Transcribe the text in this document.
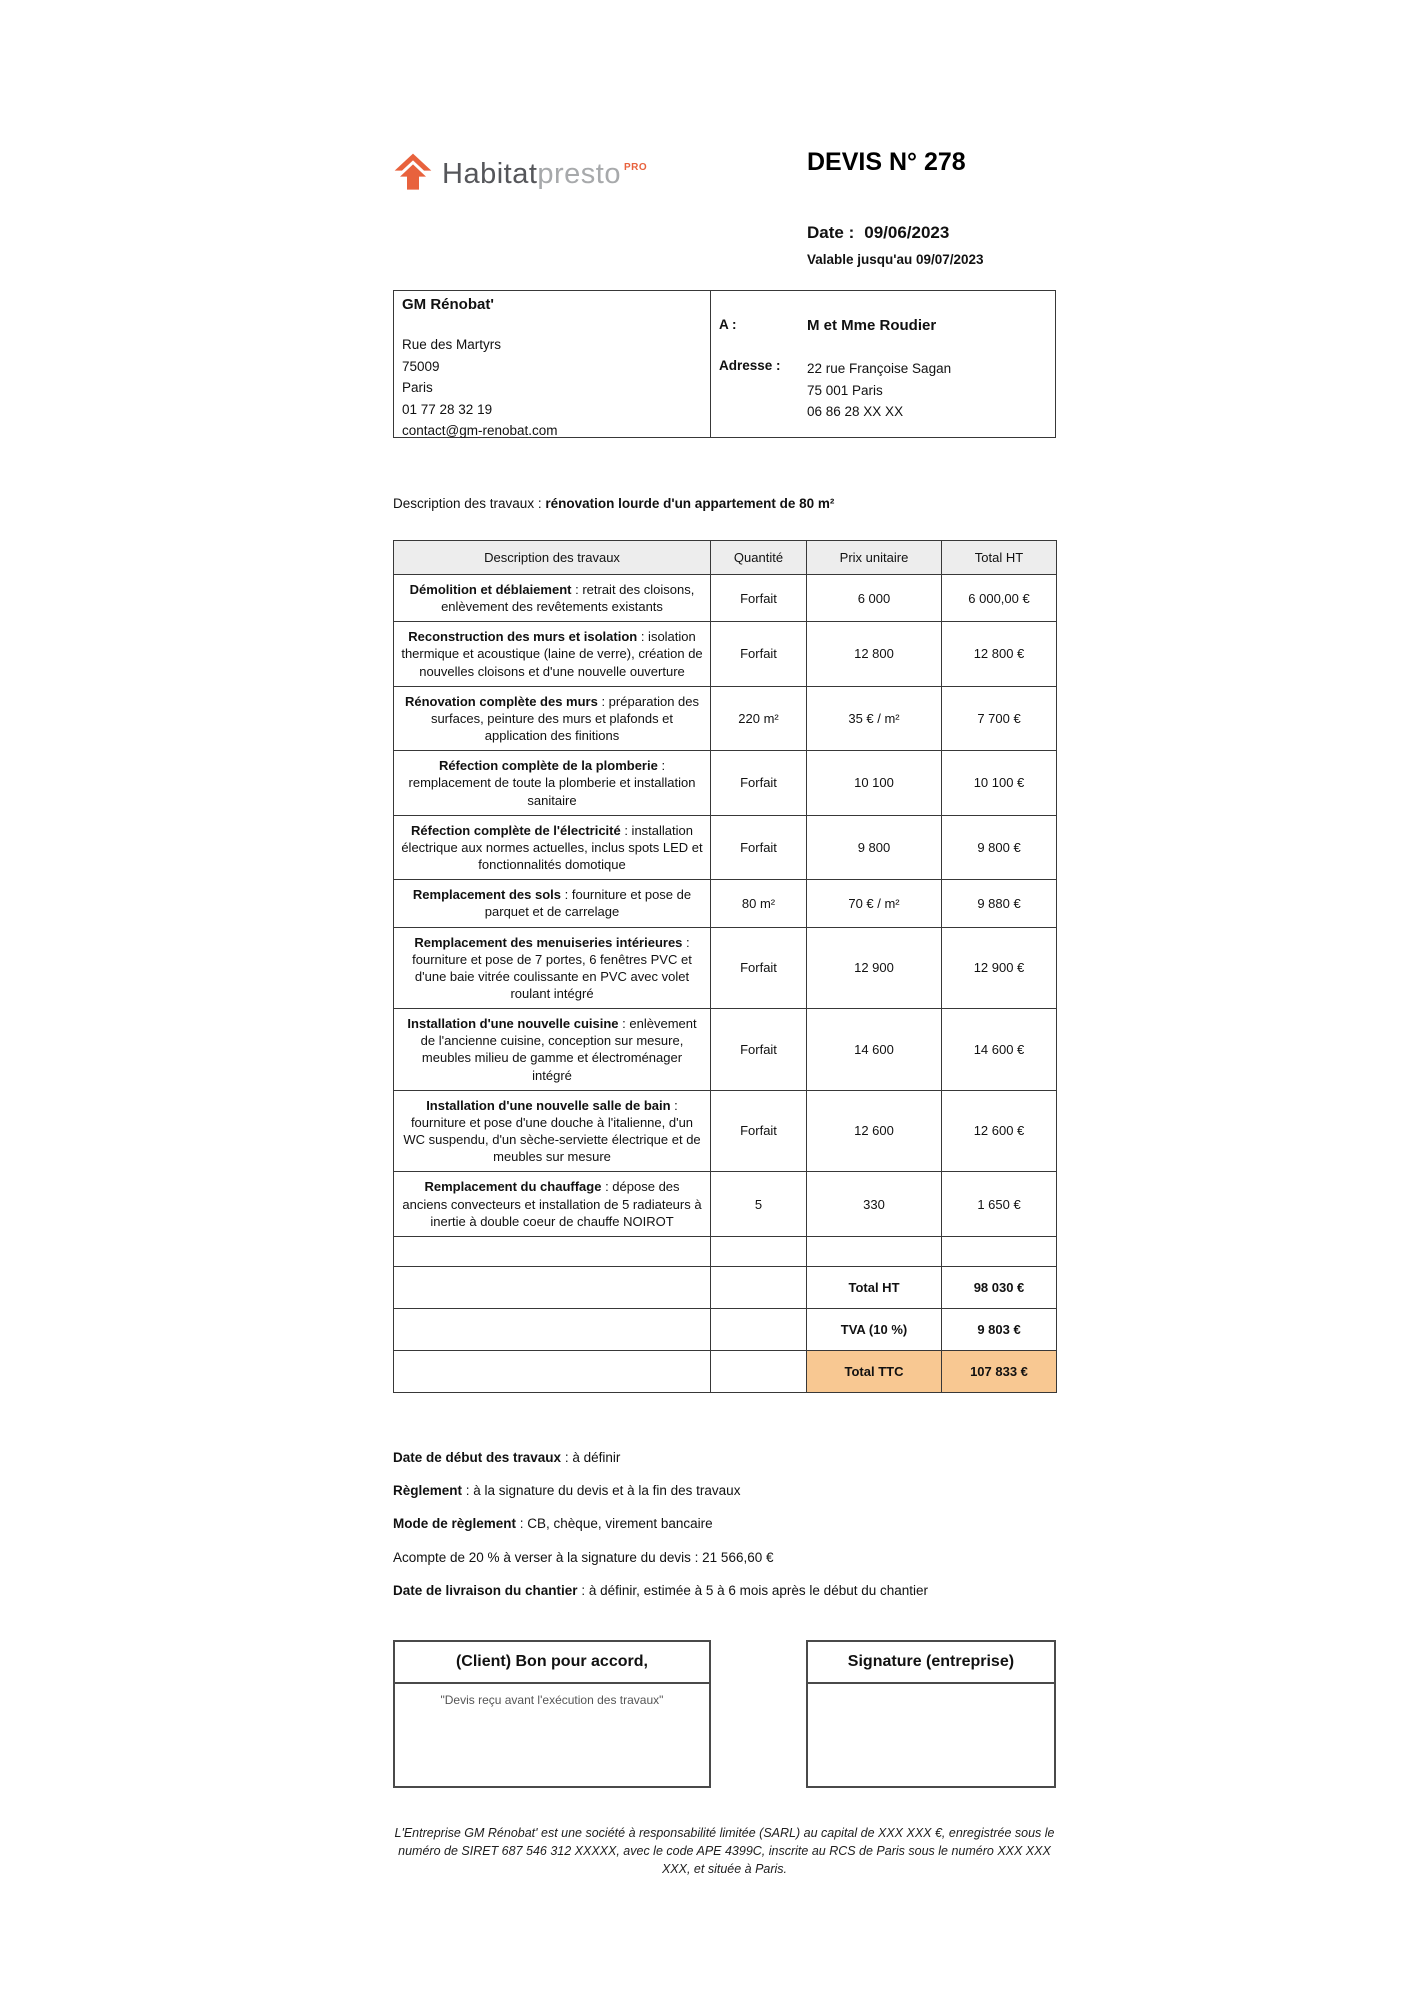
Habitatpresto PRO	DEVIS N° 278
Date : 09/06/2023
Valable jusqu'au 09/07/2023
GM Rénobat'
Rue des Martyrs
75009
Paris
01 77 28 32 19
contact@gm-renobat.com
A :	M et Mme Roudier
Adresse :	22 rue Françoise Sagan
75 001 Paris
06 86 28 XX XX
Description des travaux : rénovation lourde d'un appartement de 80 m²
Description des travaux	Quantité	Prix unitaire	Total HT
Démolition et déblaiement : retrait des cloisons, enlèvement des revêtements existants	Forfait	6 000	6 000,00 €
Reconstruction des murs et isolation : isolation thermique et acoustique (laine de verre), création de nouvelles cloisons et d'une nouvelle ouverture	Forfait	12 800	12 800 €
Rénovation complète des murs : préparation des surfaces, peinture des murs et plafonds et application des finitions	220 m²	35 € / m²	7 700 €
Réfection complète de la plomberie : remplacement de toute la plomberie et installation sanitaire	Forfait	10 100	10 100 €
Réfection complète de l'électricité : installation électrique aux normes actuelles, inclus spots LED et fonctionnalités domotique	Forfait	9 800	9 800 €
Remplacement des sols : fourniture et pose de parquet et de carrelage	80 m²	70 € / m²	9 880 €
Remplacement des menuiseries intérieures : fourniture et pose de 7 portes, 6 fenêtres PVC et d'une baie vitrée coulissante en PVC avec volet roulant intégré	Forfait	12 900	12 900 €
Installation d'une nouvelle cuisine : enlèvement de l'ancienne cuisine, conception sur mesure, meubles milieu de gamme et électroménager intégré	Forfait	14 600	14 600 €
Installation d'une nouvelle salle de bain : fourniture et pose d'une douche à l'italienne, d'un WC suspendu, d'un sèche-serviette électrique et de meubles sur mesure	Forfait	12 600	12 600 €
Remplacement du chauffage : dépose des anciens convecteurs et installation de 5 radiateurs à inertie à double coeur de chauffe NOIROT	5	330	1 650 €

		Total HT	98 030 €
		TVA (10 %)	9 803 €
		Total TTC	107 833 €

Date de début des travaux : à définir

Règlement : à la signature du devis et à la fin des travaux

Mode de règlement : CB, chèque, virement bancaire

Acompte de 20 % à verser à la signature du devis : 21 566,60 €

Date de livraison du chantier : à définir, estimée à 5 à 6 mois après le début du chantier

(Client) Bon pour accord,
"Devis reçu avant l'exécution des travaux"
Signature (entreprise)
L'Entreprise GM Rénobat' est une société à responsabilité limitée (SARL) au capital de XXX XXX €, enregistrée sous le numéro de SIRET 687 546 312 XXXXX, avec le code APE 4399C, inscrite au RCS de Paris sous le numéro XXX XXX XXX, et située à Paris.
